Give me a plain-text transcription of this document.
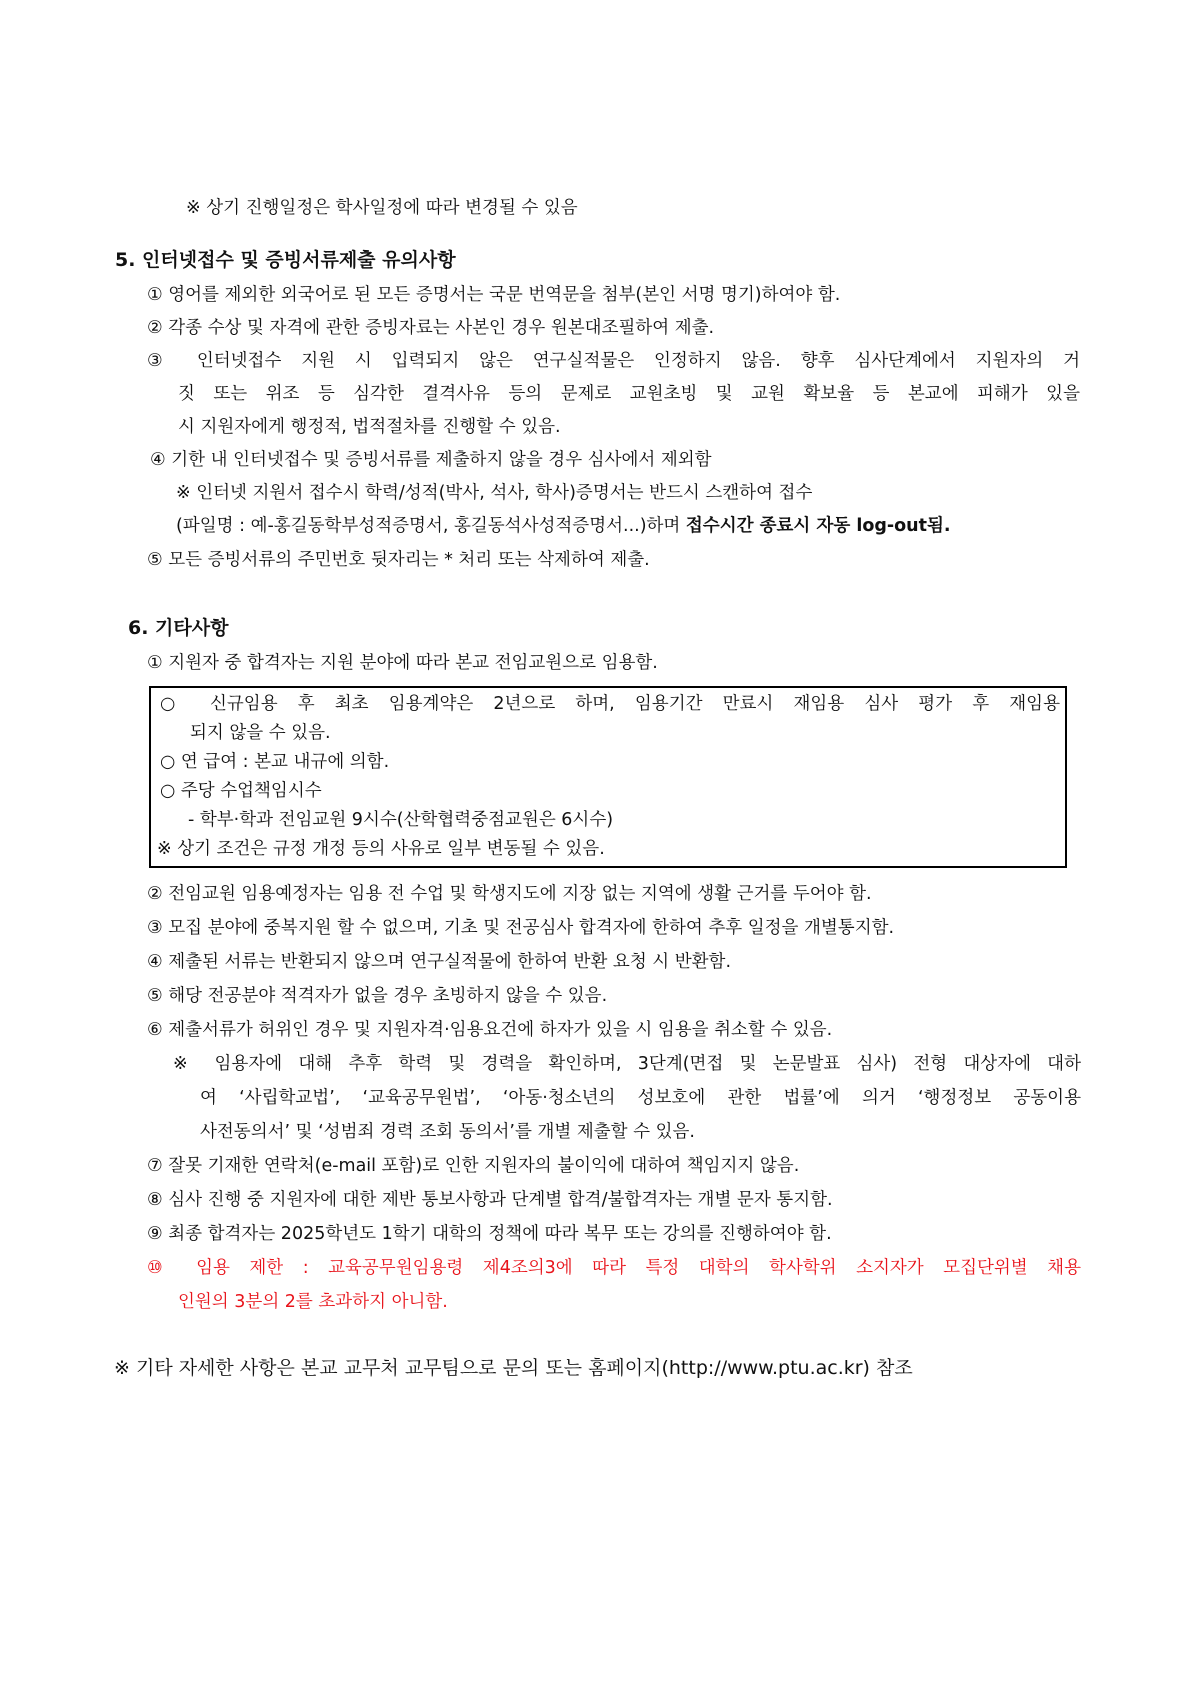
※ 상기 진행일정은 학사일정에 따라 변경될 수 있음
5. 인터넷접수 및 증빙서류제출 유의사항
① 영어를 제외한 외국어로 된 모든 증명서는 국문 번역문을 첨부(본인 서명 명기)하여야 함.
② 각종 수상 및 자격에 관한 증빙자료는 사본인 경우 원본대조필하여 제출.
③ 인터넷접수 지원 시 입력되지 않은 연구실적물은 인정하지 않음. 향후 심사단계에서 지원자의 거
짓 또는 위조 등 심각한 결격사유 등의 문제로 교원초빙 및 교원 확보율 등 본교에 피해가 있을
시 지원자에게 행정적, 법적절차를 진행할 수 있음.
④ 기한 내 인터넷접수 및 증빙서류를 제출하지 않을 경우 심사에서 제외함
※ 인터넷 지원서 접수시 학력/성적(박사, 석사, 학사)증명서는 반드시 스캔하여 접수
(파일명 : 예-홍길동학부성적증명서, 홍길동석사성적증명서...)하며 접수시간 종료시 자동 log-out됨.
⑤ 모든 증빙서류의 주민번호 뒷자리는 * 처리 또는 삭제하여 제출.
6. 기타사항
① 지원자 중 합격자는 지원 분야에 따라 본교 전임교원으로 임용함.
○ 신규임용 후 최초 임용계약은 2년으로 하며, 임용기간 만료시 재임용 심사 평가 후 재임용
되지 않을 수 있음.
○ 연 급여 : 본교 내규에 의함.
○ 주당 수업책임시수
- 학부·학과 전임교원 9시수(산학협력중점교원은 6시수)
※ 상기 조건은 규정 개정 등의 사유로 일부 변동될 수 있음.
② 전임교원 임용예정자는 임용 전 수업 및 학생지도에 지장 없는 지역에 생활 근거를 두어야 함.
③ 모집 분야에 중복지원 할 수 없으며, 기초 및 전공심사 합격자에 한하여 추후 일정을 개별통지함.
④ 제출된 서류는 반환되지 않으며 연구실적물에 한하여 반환 요청 시 반환함.
⑤ 해당 전공분야 적격자가 없을 경우 초빙하지 않을 수 있음.
⑥ 제출서류가 허위인 경우 및 지원자격·임용요건에 하자가 있을 시 임용을 취소할 수 있음.
※ 임용자에 대해 추후 학력 및 경력을 확인하며, 3단계(면접 및 논문발표 심사) 전형 대상자에 대하
여 ‘사립학교법’, ‘교육공무원법’, ‘아동·청소년의 성보호에 관한 법률’에 의거 ‘행정정보 공동이용
사전동의서’ 및 ‘성범죄 경력 조회 동의서’를 개별 제출할 수 있음.
⑦ 잘못 기재한 연락처(e-mail 포함)로 인한 지원자의 불이익에 대하여 책임지지 않음.
⑧ 심사 진행 중 지원자에 대한 제반 통보사항과 단계별 합격/불합격자는 개별 문자 통지함.
⑨ 최종 합격자는 2025학년도 1학기 대학의 정책에 따라 복무 또는 강의를 진행하여야 함.
⑩ 임용 제한 : 교육공무원임용령 제4조의3에 따라 특정 대학의 학사학위 소지자가 모집단위별 채용
인원의 3분의 2를 초과하지 아니함.
※ 기타 자세한 사항은 본교 교무처 교무팀으로 문의 또는 홈페이지(http://www.ptu.ac.kr) 참조
